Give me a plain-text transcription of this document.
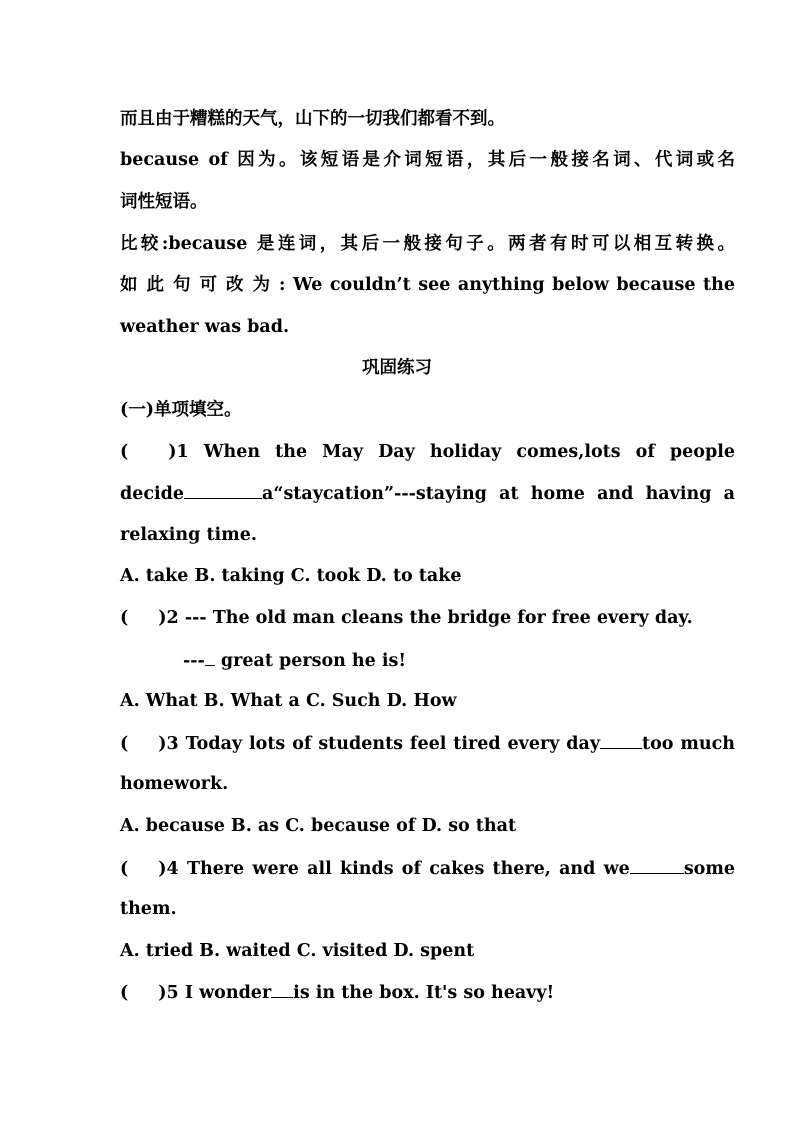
而且由于糟糕的天气，山下的一切我们都看不到。
because of 因为。该短语是介词短语，其后一般接名词、代词或名
词性短语。
比较:because 是连词，其后一般接句子。两者有时可以相互转换。
如 此 句 可 改 为 : We couldn’t see anything below because the
weather was bad.
巩固练习
(一)单项填空。
( )1 When the May Day holiday comes,lots of people
decide	a“staycation”---staying at home and having a
relaxing time.
A. take B. taking C. took D. to take
( )2 --- The old man cleans the bridge for free every day.
--- great person he is!
A. What B. What a C. Such D. How
( )3 Today lots of students feel tired every day too much
homework.
A. because B. as C. because of D. so that
( )4 There were all kinds of cakes there, and we	some
them.
A. tried B. waited C. visited D. spent
( )5 I wonder is in the box. It's so heavy!
